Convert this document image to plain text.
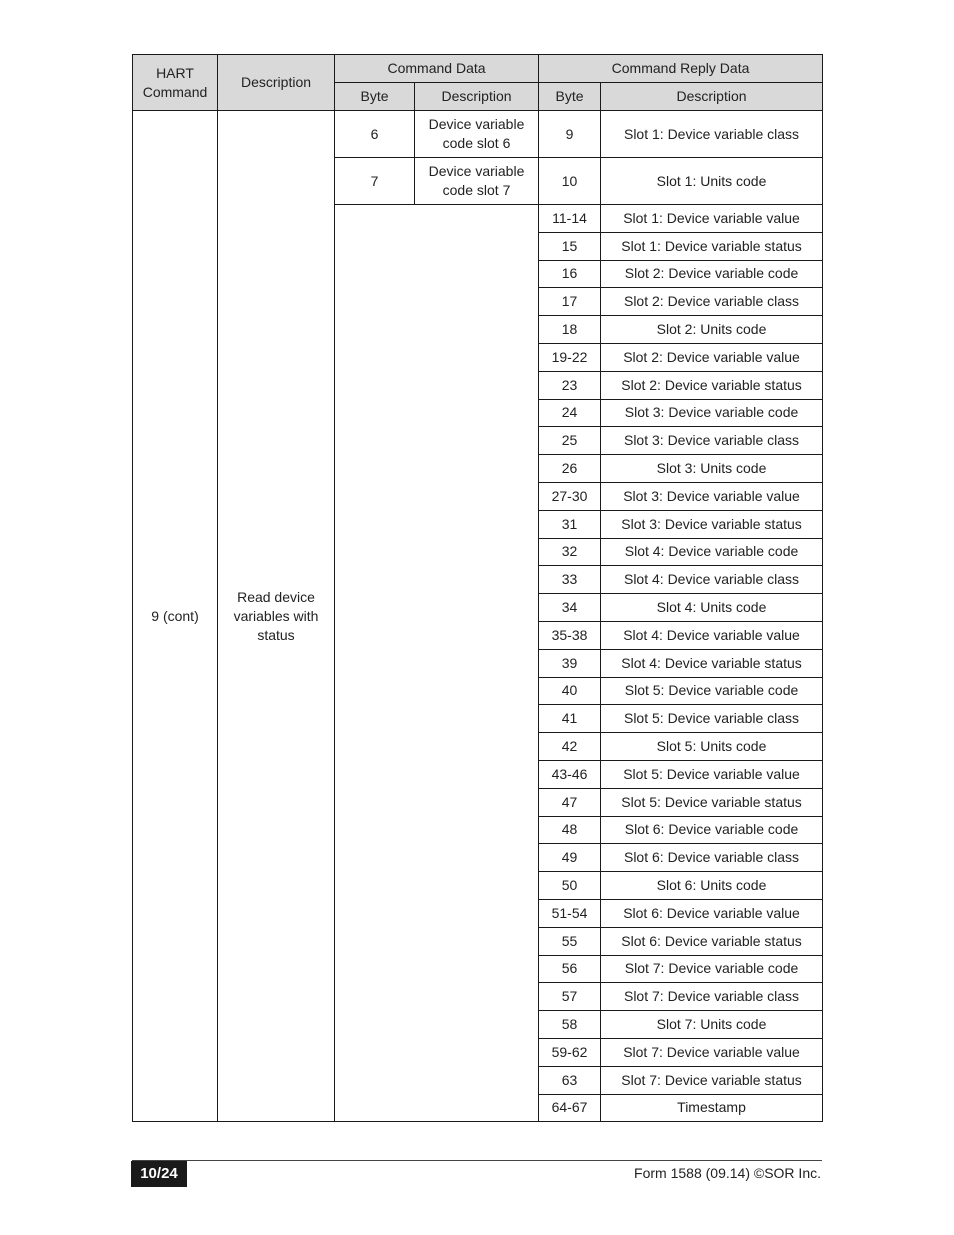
HART Command	Description	Command Data		Command Reply Data	
		Byte	Description	Byte	Description
9 (cont)	Read device variables with status	6	Device variable code slot 6	9	Slot 1: Device variable class
		7	Device variable code slot 7	10	Slot 1: Units code
				11-14	Slot 1: Device variable value
				15	Slot 1: Device variable status
				16	Slot 2: Device variable code
				17	Slot 2: Device variable class
				18	Slot 2: Units code
				19-22	Slot 2: Device variable value
				23	Slot 2: Device variable status
				24	Slot 3: Device variable code
				25	Slot 3: Device variable class
				26	Slot 3: Units code
				27-30	Slot 3: Device variable value
				31	Slot 3: Device variable status
				32	Slot 4: Device variable code
				33	Slot 4: Device variable class
				34	Slot 4: Units code
				35-38	Slot 4: Device variable value
				39	Slot 4: Device variable status
				40	Slot 5: Device variable code
				41	Slot 5: Device variable class
				42	Slot 5: Units code
				43-46	Slot 5: Device variable value
				47	Slot 5: Device variable status
				48	Slot 6: Device variable code
				49	Slot 6: Device variable class
				50	Slot 6: Units code
				51-54	Slot 6: Device variable value
				55	Slot 6: Device variable status
				56	Slot 7: Device variable code
				57	Slot 7: Device variable class
				58	Slot 7: Units code
				59-62	Slot 7: Device variable value
				63	Slot 7: Device variable status
				64-67	Timestamp
10/24	Form 1588 (09.14) ©SOR Inc.
